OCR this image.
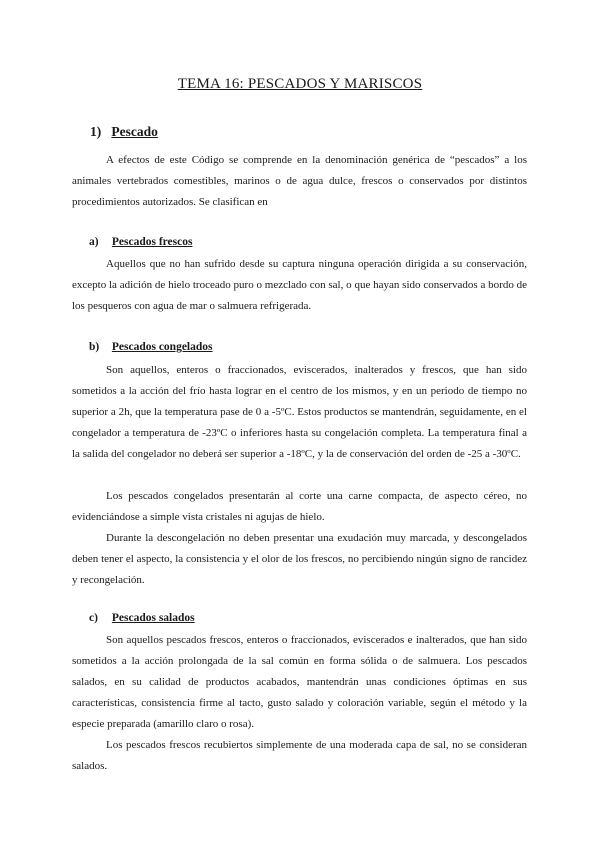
TEMA 16: PESCADOS Y MARISCOS
1) Pescado

A efectos de este Código se comprende en la denominación genérica de “pescados” a los animales vertebrados comestibles, marinos o de agua dulce, frescos o conservados por distintos procedimientos autorizados. Se clasifican en

a) Pescados frescos

Aquellos que no han sufrido desde su captura ninguna operación dirigida a su conservación, excepto la adición de hielo troceado puro o mezclado con sal, o que hayan sido conservados a bordo de los pesqueros con agua de mar o salmuera refrigerada.

b) Pescados congelados

Son aquellos, enteros o fraccionados, eviscerados, inalterados y frescos, que han sido sometidos a la acción del frío hasta lograr en el centro de los mismos, y en un periodo de tiempo no superior a 2h, que la temperatura pase de 0 a -5ºC. Estos productos se mantendrán, seguidamente, en el congelador a temperatura de -23ºC o inferiores hasta su congelación completa. La temperatura final a la salida del congelador no deberá ser superior a -18ºC, y la de conservación del orden de -25 a -30ºC.

Los pescados congelados presentarán al corte una carne compacta, de aspecto céreo, no evidenciándose a simple vista cristales ni agujas de hielo.

Durante la descongelación no deben presentar una exudación muy marcada, y descongelados deben tener el aspecto, la consistencia y el olor de los frescos, no percibiendo ningún signo de rancidez y recongelación.

c) Pescados salados

Son aquellos pescados frescos, enteros o fraccionados, eviscerados e inalterados, que han sido sometidos a la acción prolongada de la sal común en forma sólida o de salmuera. Los pescados salados, en su calidad de productos acabados, mantendrán unas condiciones óptimas en sus características, consistencia firme al tacto, gusto salado y coloración variable, según el método y la especie preparada (amarillo claro o rosa).

Los pescados frescos recubiertos simplemente de una moderada capa de sal, no se consideran salados.
